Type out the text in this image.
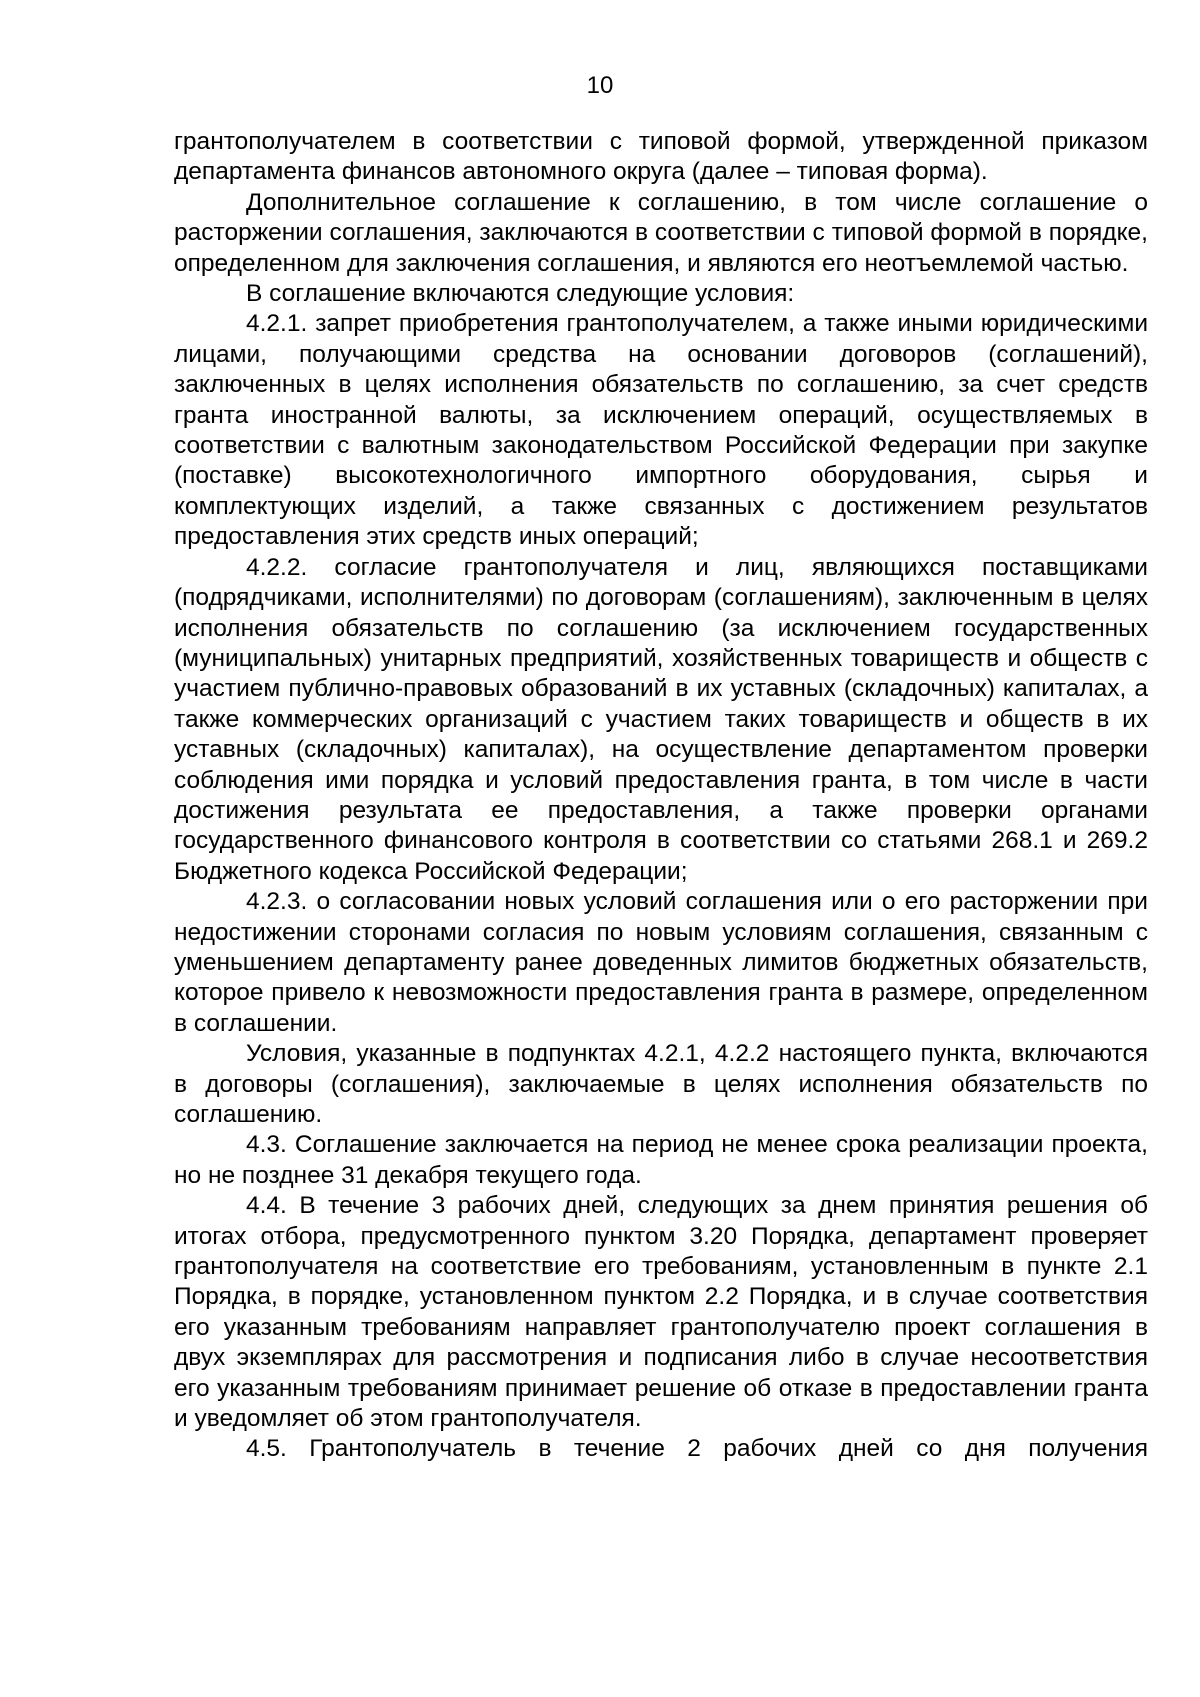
10

грантополучателем в соответствии с типовой формой, утвержденной приказом департамента финансов автономного округа (далее – типовая форма).

Дополнительное соглашение к соглашению, в том числе соглашение о расторжении соглашения, заключаются в соответствии с типовой формой в порядке, определенном для заключения соглашения, и являются его неотъемлемой частью.

В соглашение включаются следующие условия:

4.2.1. запрет приобретения грантополучателем, а также иными юридическими лицами, получающими средства на основании договоров (соглашений), заключенных в целях исполнения обязательств по соглашению, за счет средств гранта иностранной валюты, за исключением операций, осуществляемых в соответствии с валютным законодательством Российской Федерации при закупке (поставке) высокотехнологичного импортного оборудования, сырья и комплектующих изделий, а также связанных с достижением результатов предоставления этих средств иных операций;

4.2.2. согласие грантополучателя и лиц, являющихся поставщиками (подрядчиками, исполнителями) по договорам (соглашениям), заключенным в целях исполнения обязательств по соглашению (за исключением государственных (муниципальных) унитарных предприятий, хозяйственных товариществ и обществ с участием публично-правовых образований в их уставных (складочных) капиталах, а также коммерческих организаций с участием таких товариществ и обществ в их уставных (складочных) капиталах), на осуществление департаментом проверки соблюдения ими порядка и условий предоставления гранта, в том числе в части достижения результата ее предоставления, а также проверки органами государственного финансового контроля в соответствии со статьями 268.1 и 269.2 Бюджетного кодекса Российской Федерации;

4.2.3. о согласовании новых условий соглашения или о его расторжении при недостижении сторонами согласия по новым условиям соглашения, связанным с уменьшением департаменту ранее доведенных лимитов бюджетных обязательств, которое привело к невозможности предоставления гранта в размере, определенном в соглашении.

Условия, указанные в подпунктах 4.2.1, 4.2.2 настоящего пункта, включаются в договоры (соглашения), заключаемые в целях исполнения обязательств по соглашению.

4.3. Соглашение заключается на период не менее срока реализации проекта, но не позднее 31 декабря текущего года.

4.4. В течение 3 рабочих дней, следующих за днем принятия решения об итогах отбора, предусмотренного пунктом 3.20 Порядка, департамент проверяет грантополучателя на соответствие его требованиям, установленным в пункте 2.1 Порядка, в порядке, установленном пунктом 2.2 Порядка, и в случае соответствия его указанным требованиям направляет грантополучателю проект соглашения в двух экземплярах для рассмотрения и подписания либо в случае несоответствия его указанным требованиям принимает решение об отказе в предоставлении гранта и уведомляет об этом грантополучателя.

4.5. Грантополучатель в течение 2 рабочих дней со дня получения
